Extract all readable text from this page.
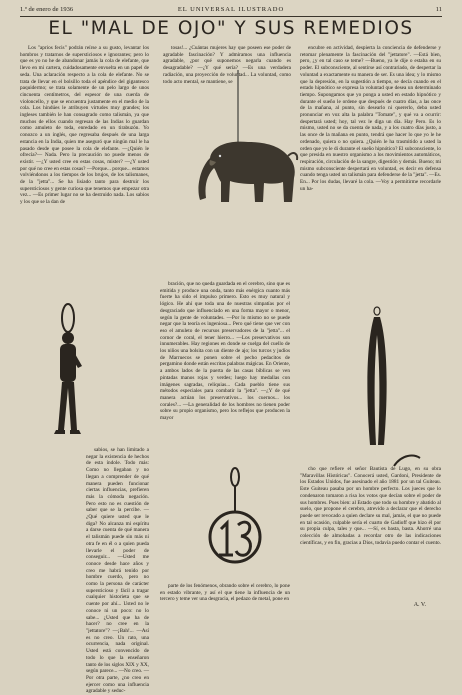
1.º de enero de 1936	EL UNIVERSAL ILUSTRADO	11
EL "MAL DE OJO" Y SUS REMEDIOS

Los "aprios fecis" podrán reírse a su gusto, levantar los hombros y tratarnos de supersticiosos e ignorantes; pero lo que es yo no he de abandonar jamás la cola de elefante, que llevo en mi cartera, cuidadosamente envuelta en un papel de seda. Una aclaración respecto a la cola de elefante. No se trata de llevar en el bolsillo toda el apéndice del gigantesco paquidermo; se trata solamente de un pelo largo de unos cincuenta centímetros, del espesor de una cuerda de violoncello, y que se encuentra justamente en el medio de la cola. Los hindúes le atribuyen virtudes muy grandes; los ingleses también le han consagrado como talismán, ya que muchos de ellos cuando regresan de las Indias lo guardan como amuleto de toda, enredado en un tirabuzón. Yo conozco a un inglés, que regresaba después de una larga estancia en la India, quien me aseguró que ningún mal le ha pasado desde que posee la cola de elefante. —¿Quién le ofrecía?— Nada. Pero la precaución no puede menos de existir. —¿Y usted cree en estas cosas, mister? —¿Y usted por qué no cree en estas cosas? —Porque... porque... estamos volviéndonos a los tiempos de los brujos, de los talismanes, de la "jetta"... Se ha lisiado tanto para destruir los supersticiosos y gente curiosa que tenemos que empezar otra vez... —Es primer lugar no se ha destruido nada. Los sabios y los que se la dan de

tosas!... ¿Cuántas mujeres hay que poseen ese poder de agradable fascinación? Y admiramos una influencia agradable, ¿por qué suponemos negarla cuando es desagradable? —¿Y qué sería? —Es una verdadera radiación, una proyección de voluntad... La voluntad, como todo acto mental, se mantiene, se

encubre en actividad, despierta la conciencia de defenderse y retomar plenamente la fascinación del "jettatore". —Está bien, pero, ¿y en tal caso se teme? —Bueno, ya le dije o estaba en su poder. El subconsciente, al sentirse así contrariado, de despertar la voluntad a exactamente su manera de ser. Es una idea; y lo mismo que la depresión, en la sugestión a tiempo, se decía cuando en el estado hipnótico se expresa la voluntad que desea un determinado tiempo. Supongamos que yo ponga a usted en estado hipnótico y durante el sueño le ordene que después de cuatro días, a las once de la mañana, al punto, sin desearlo ni quererlo, deba usted pronunciar en voz alta la palabra "Tomate", y qué va a ocurrir: despertará usted; hoy, tal vez le diga un día. Hay Pero. Es lo mismo, usted no se da cuenta de nada, y a los cuatro días justo, a las once de la mañana en punto, tendrá que hacer lo que yo le he ordenado, quiera o no quiera. ¿Quién le ha trasmitido a usted la orden que yo le di durante el sueño hipnótico? El subconsciente, lo que presida en nuestro organismo a los movimientos automáticos, respiración, circulación de la sangre, digestión y demás. Bueno; mi mismo subconsciente despertará en voluntad, es decir en defensa cuando tenga usted un talismán para defenderse de la "jetta". —Es. En... Por los dudas, llevaré la cola. —Voy a permitirme recordarle un ha-

bración, que no queda guardada en el cerebro, sino que es emitida y produce una onda, tanto más enérgica cuanto más fuerte ha sido el impulso primero. Esto es muy natural y lógico. He ahí que toda una de nuestras simpatías por el desgraciado que influenciado en una forma mayor o menor, según la gente de voluntades. —Por lo mismo no se puede negar que la teoría es ingeniosa... Pero qué tiene que ver con eso el amuleto de recursos preservadores de la "jetta"... el cornor de coral, el tener hierro... —Los preservativos son innumerables. Hay regiones en donde se cuelga del cuello de los niños una bolsita con un diente de ajo; los turcos y judíos de Marruecos se ponen sobre el pecho pedacitos de pergamino donde están escritas palabras mágicas. En Oriente, a ambos lados de la puerta de las casas bíblicas se ven pintadas manos rojas y verdes; luego hay medallas con imágenes sagradas, reliquias... Cada pueblo tiene sus métodos especiales para combatir la "jetta". —¿Y de qué manera actúan los preservativos... los cuernos... los corales?... —La generalidad de los hombres no tienen poder sobre su propio organismo, pero los reflejos que producen la mayor

sabios, se han limitado a negar la existencia de hechos de esta índole. Todo más: Como no llegaban y no llegan a comprender de qué manera pueden funcionar ciertas influencias, prefieren más la cómoda negación. Pero esto no es cuestión de saber que se la percibe. —¿Qué quiere usted que le diga? No alcanza mi espíritu a darse cuenta de qué manera el talismán puede sin más ni otra fe en él o a quien pueda llevarle el poder de conseguir... —Usted me conoce desde hace años y creo me habrá tenido por hombre cuerdo, pero no como la persona de carácter supersticioso y fácil a tragar cualquier historieta que se cuente por ahí... Usted no le conoce ni un poco: no lo sabe... ¿Usted que ha de hacer? no cree en la "jettatore"? —¡Bah!... —Así es no creo. Un rato, una ocurrencia, nada original. Usted está convencido de todo lo que la enseñaron tanto de los siglos XIX y XX, según parece... —No creo. —Por otra parte, ¿no creo en ejercer como una influencia agradable y seduc-

parte de los fenómenos, obrando sobre el cerebro, lo pone en estado vibrante, y así el que tiene la influencia de un tercero y teme ver una desgracia, el pedazo de metal, pone en

cho que refiere el señor Bautista de Lugo, en su obra "Maravillas Históricas". Conocerá usted, Gardoni, Presidente de los Estados Unidos, fue asesinado el año 1881 por un tal Guiteau. Este Guiteau pasaba por un hombre perfecto. Los jueces que lo condenaron tomaron a risa los votos que decían sobre el poder de sus hombres. Pues bien: al Estado que todo su hombre y abatido al suelo, que propone el cerebro, atrevido a declarar que el derecho puede ser revocado a quien declare su mal, jamás, el que no puede en tal ocasión, culpable sería el cuarto de Gadioff que hizo él por su propia culpa, tales y que... —Sí, es basta, basta. Ahorré una colección de almohadas a recordar otro de las indicaciones científicas, y en fin, gracias a Dios, todavía puedo contar el cuento.

A. V.
